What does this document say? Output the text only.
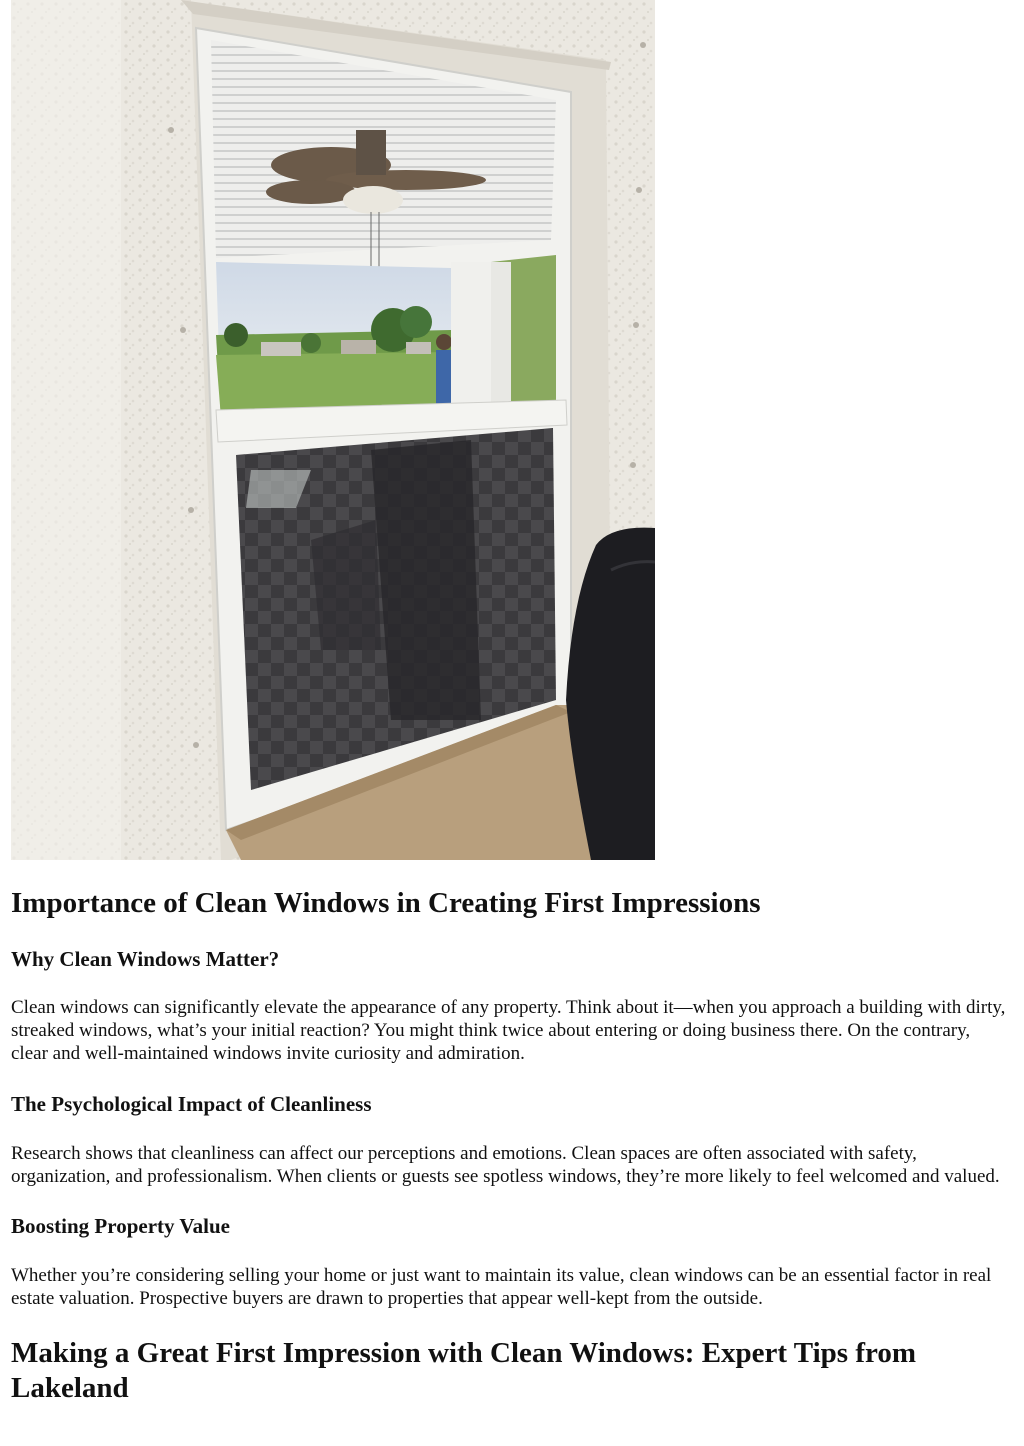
Importance of Clean Windows in Creating First Impressions
Why Clean Windows Matter?

Clean windows can significantly elevate the appearance of any property. Think about it—when you approach a building with dirty, streaked windows, what’s your initial reaction? You might think twice about entering or doing business there. On the contrary, clear and well-maintained windows invite curiosity and admiration.

The Psychological Impact of Cleanliness

Research shows that cleanliness can affect our perceptions and emotions. Clean spaces are often associated with safety, organization, and professionalism. When clients or guests see spotless windows, they’re more likely to feel welcomed and valued.

Boosting Property Value

Whether you’re considering selling your home or just want to maintain its value, clean windows can be an essential factor in real estate valuation. Prospective buyers are drawn to properties that appear well-kept from the outside.

Making a Great First Impression with Clean Windows: Expert Tips from Lakeland
